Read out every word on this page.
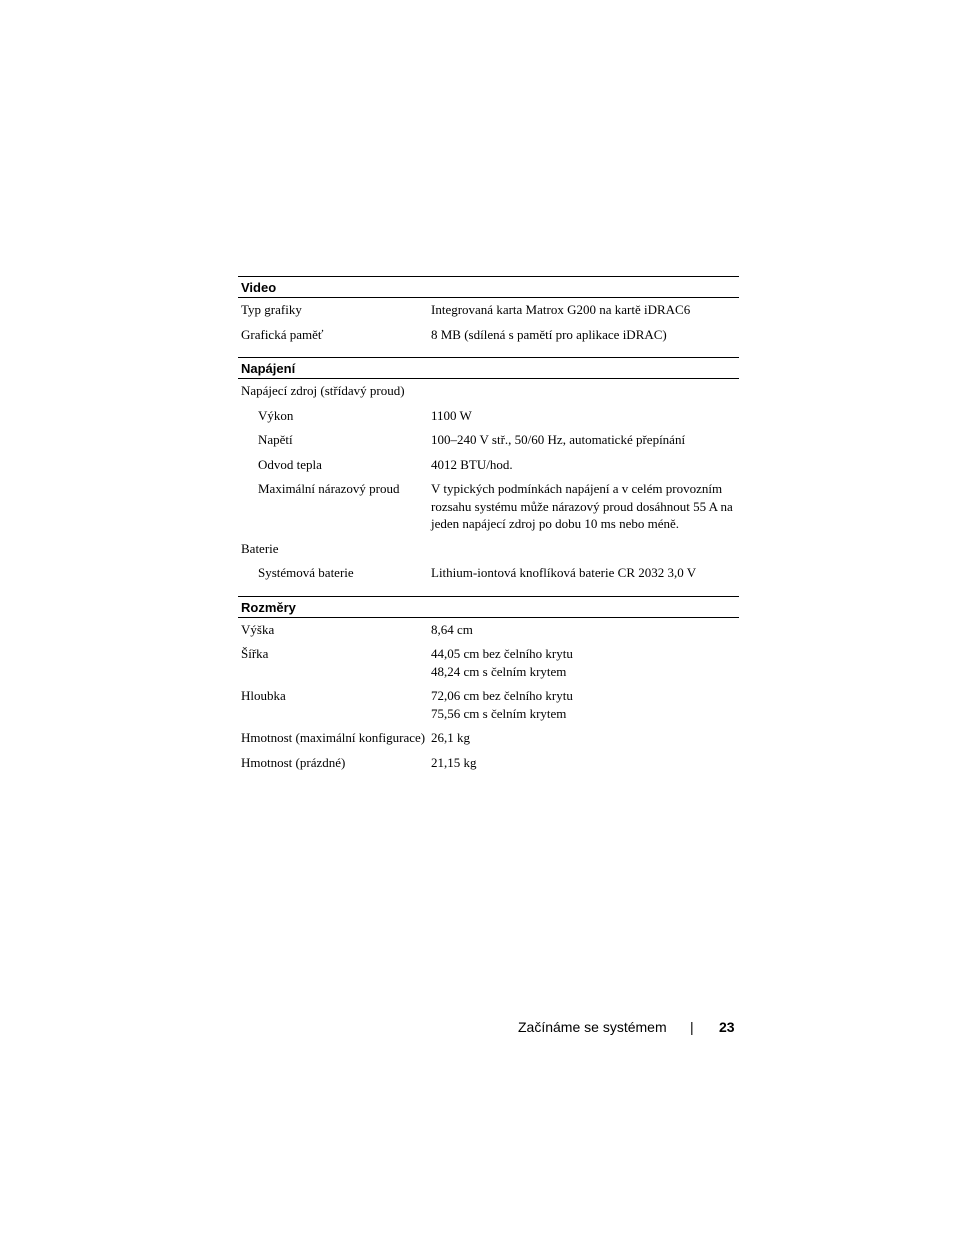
Video
Typ grafiky	Integrovaná karta Matrox G200 na kartě iDRAC6
Grafická paměť	8 MB (sdílená s pamětí pro aplikace iDRAC)
Napájení
Napájecí zdroj (střídavý proud)
Výkon	1100 W
Napětí	100–240 V stř., 50/60 Hz, automatické přepínání
Odvod tepla	4012 BTU/hod.
Maximální nárazový proud	V typických podmínkách napájení a v celém provozním rozsahu systému může nárazový proud dosáhnout 55 A na jeden napájecí zdroj po dobu 10 ms nebo méně.
Baterie
Systémová baterie	Lithium-iontová knoflíková baterie CR 2032 3,0 V
Rozměry
Výška	8,64 cm
Šířka	44,05 cm bez čelního krytu
48,24 cm s čelním krytem
Hloubka	72,06 cm bez čelního krytu
75,56 cm s čelním krytem
Hmotnost (maximální konfigurace) 26,1 kg
Hmotnost (prázdné)	21,15 kg
Začínáme se systémem | 23
